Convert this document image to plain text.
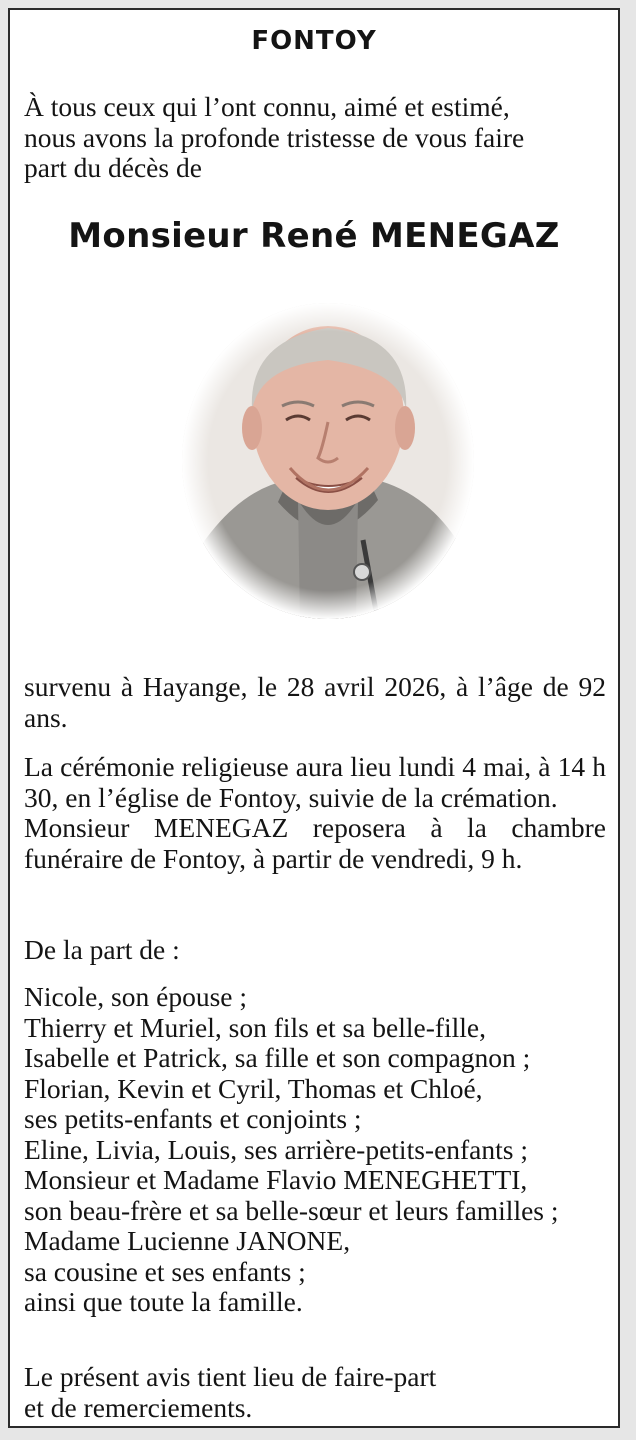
FONTOY
À tous ceux qui l’ont connu, aimé et estimé,
nous avons la profonde tristesse de vous faire
part du décès de
Monsieur René MENEGAZ

survenu à Hayange, le 28 avril 2026, à l’âge de 92 ans.

La cérémonie religieuse aura lieu lundi 4 mai, à 14 h 30, en l’église de Fontoy, suivie de la crémation.

Monsieur MENEGAZ reposera à la chambre funéraire de Fontoy, à partir de vendredi, 9 h.

De la part de :
Nicole, son épouse ;
Thierry et Muriel, son fils et sa belle-fille,
Isabelle et Patrick, sa fille et son compagnon ;
Florian, Kevin et Cyril, Thomas et Chloé,
ses petits-enfants et conjoints ;
Eline, Livia, Louis, ses arrière-petits-enfants ;
Monsieur et Madame Flavio MENEGHETTI,
son beau-frère et sa belle-sœur et leurs familles ;
Madame Lucienne JANONE,
sa cousine et ses enfants ;
ainsi que toute la famille.
Le présent avis tient lieu de faire-part
et de remerciements.
